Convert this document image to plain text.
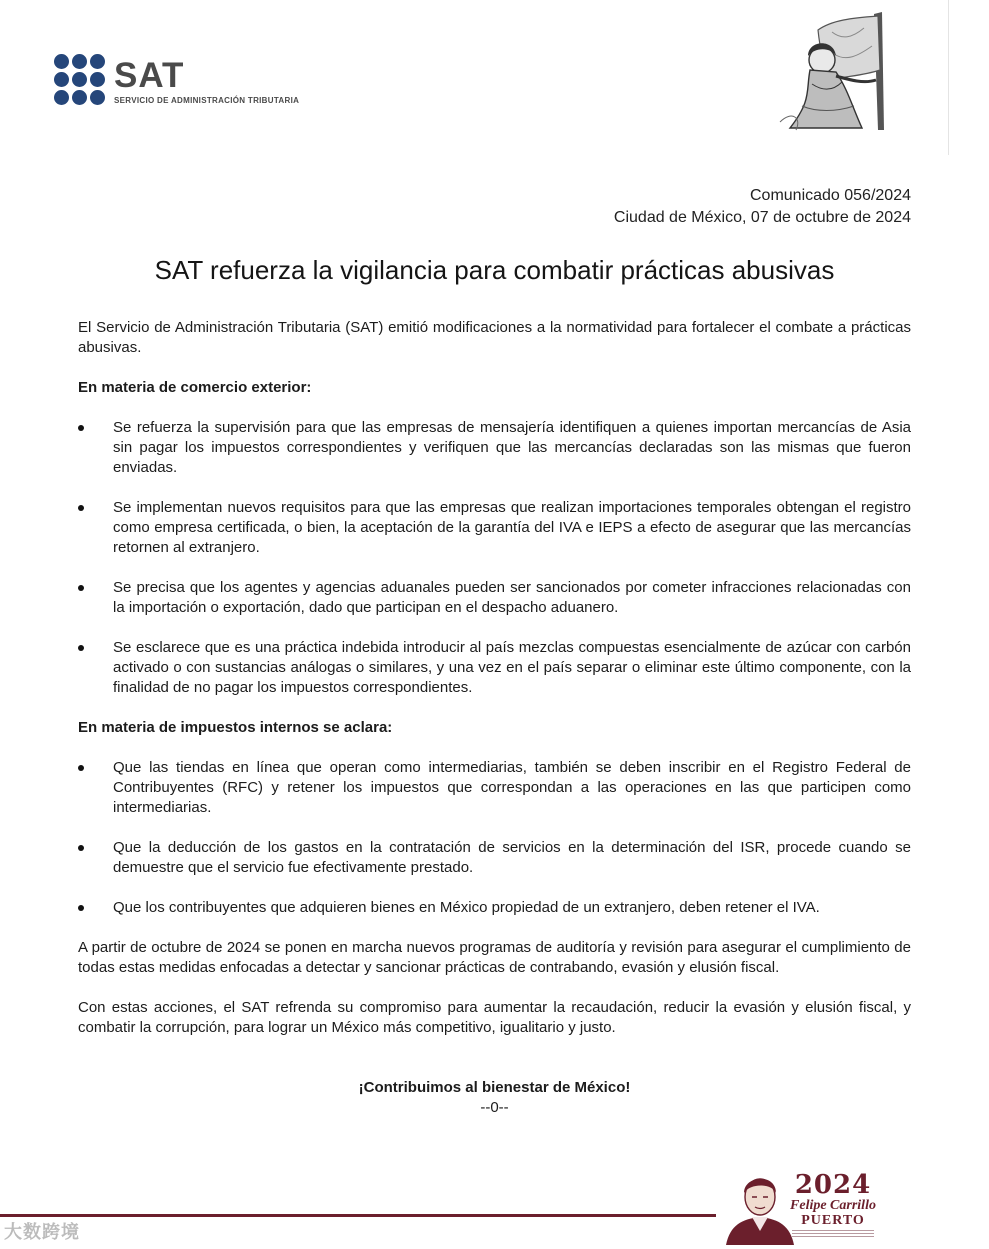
SAT
SERVICIO DE ADMINISTRACIÓN TRIBUTARIA
Comunicado 056/2024
Ciudad de México, 07 de octubre de 2024
SAT refuerza la vigilancia para combatir prácticas abusivas

El Servicio de Administración Tributaria (SAT) emitió modificaciones a la normatividad para fortalecer el combate a prácticas abusivas.

En materia de comercio exterior:

Se refuerza la supervisión para que las empresas de mensajería identifiquen a quienes importan mercancías de Asia sin pagar los impuestos correspondientes y verifiquen que las mercancías declaradas son las mismas que fueron enviadas.
Se implementan nuevos requisitos para que las empresas que realizan importaciones temporales obtengan el registro como empresa certificada, o bien, la aceptación de la garantía del IVA e IEPS a efecto de asegurar que las mercancías retornen al extranjero.
Se precisa que los agentes y agencias aduanales pueden ser sancionados por cometer infracciones relacionadas con la importación o exportación, dado que participan en el despacho aduanero.
Se esclarece que es una práctica indebida introducir al país mezclas compuestas esencialmente de azúcar con carbón activado o con sustancias análogas o similares, y una vez en el país separar o eliminar este último componente, con la finalidad de no pagar los impuestos correspondientes.

En materia de impuestos internos se aclara:

Que las tiendas en línea que operan como intermediarias, también se deben inscribir en el Registro Federal de Contribuyentes (RFC) y retener los impuestos que correspondan a las operaciones en las que participen como intermediarias.
Que la deducción de los gastos en la contratación de servicios en la determinación del ISR, procede cuando se demuestre que el servicio fue efectivamente prestado.
Que los contribuyentes que adquieren bienes en México propiedad de un extranjero, deben retener el IVA.

A partir de octubre de 2024 se ponen en marcha nuevos programas de auditoría y revisión para asegurar el cumplimiento de todas estas medidas enfocadas a detectar y sancionar prácticas de contrabando, evasión y elusión fiscal.

Con estas acciones, el SAT refrenda su compromiso para aumentar la recaudación, reducir la evasión y elusión fiscal, y combatir la corrupción, para lograr un México más competitivo, igualitario y justo.

¡Contribuimos al bienestar de México!
--0--
大数跨境
2024
Felipe Carrillo
PUERTO
